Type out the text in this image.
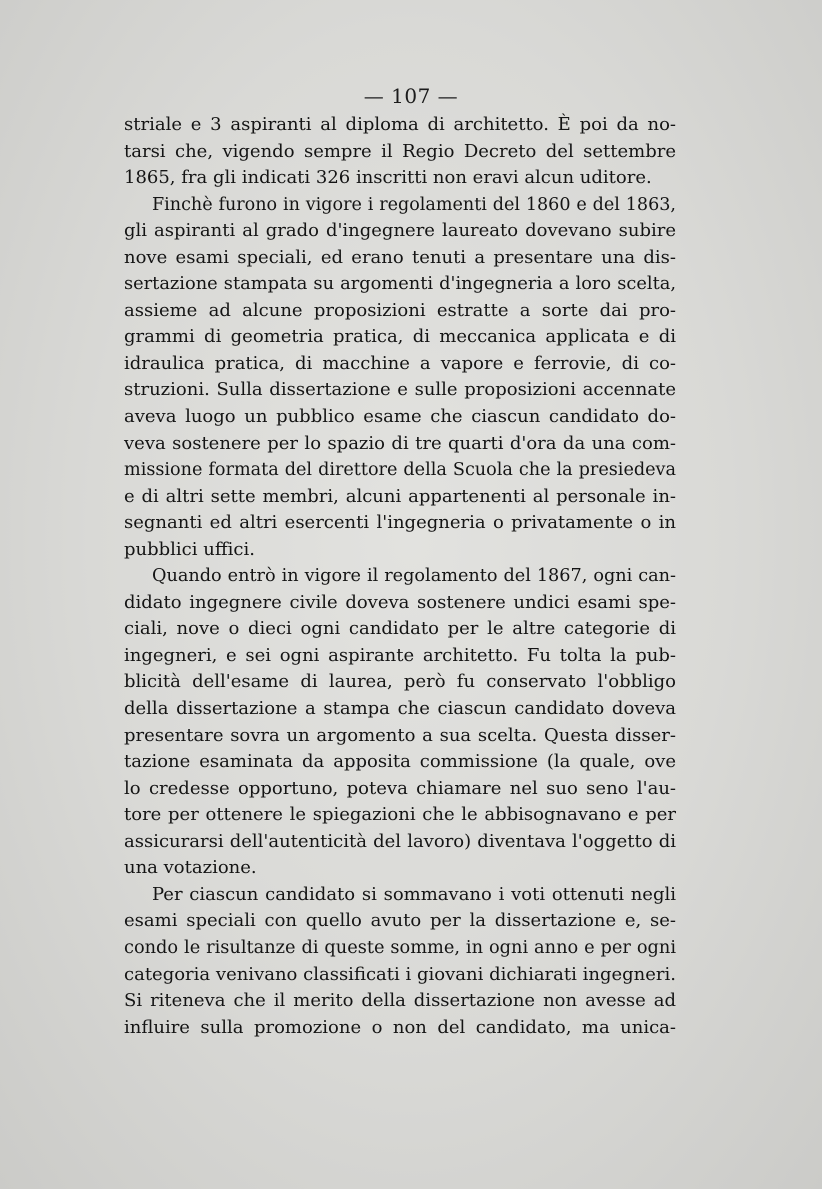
— 107 —
striale e 3 aspiranti al diploma di architetto. È poi da no-
tarsi che, vigendo sempre il Regio Decreto del settembre
1865, fra gli indicati 326 inscritti non eravi alcun uditore.
Finchè furono in vigore i regolamenti del 1860 e del 1863,
gli aspiranti al grado d'ingegnere laureato dovevano subire
nove esami speciali, ed erano tenuti a presentare una dis-
sertazione stampata su argomenti d'ingegneria a loro scelta,
assieme ad alcune proposizioni estratte a sorte dai pro-
grammi di geometria pratica, di meccanica applicata e di
idraulica pratica, di macchine a vapore e ferrovie, di co-
struzioni. Sulla dissertazione e sulle proposizioni accennate
aveva luogo un pubblico esame che ciascun candidato do-
veva sostenere per lo spazio di tre quarti d'ora da una com-
missione formata del direttore della Scuola che la presiedeva
e di altri sette membri, alcuni appartenenti al personale in-
segnanti ed altri esercenti l'ingegneria o privatamente o in
pubblici uffici.
Quando entrò in vigore il regolamento del 1867, ogni can-
didato ingegnere civile doveva sostenere undici esami spe-
ciali, nove o dieci ogni candidato per le altre categorie di
ingegneri, e sei ogni aspirante architetto. Fu tolta la pub-
blicità dell'esame di laurea, però fu conservato l'obbligo
della dissertazione a stampa che ciascun candidato doveva
presentare sovra un argomento a sua scelta. Questa disser-
tazione esaminata da apposita commissione (la quale, ove
lo credesse opportuno, poteva chiamare nel suo seno l'au-
tore per ottenere le spiegazioni che le abbisognavano e per
assicurarsi dell'autenticità del lavoro) diventava l'oggetto di
una votazione.
Per ciascun candidato si sommavano i voti ottenuti negli
esami speciali con quello avuto per la dissertazione e, se-
condo le risultanze di queste somme, in ogni anno e per ogni
categoria venivano classificati i giovani dichiarati ingegneri.
Si riteneva che il merito della dissertazione non avesse ad
influire sulla promozione o non del candidato, ma unica-
